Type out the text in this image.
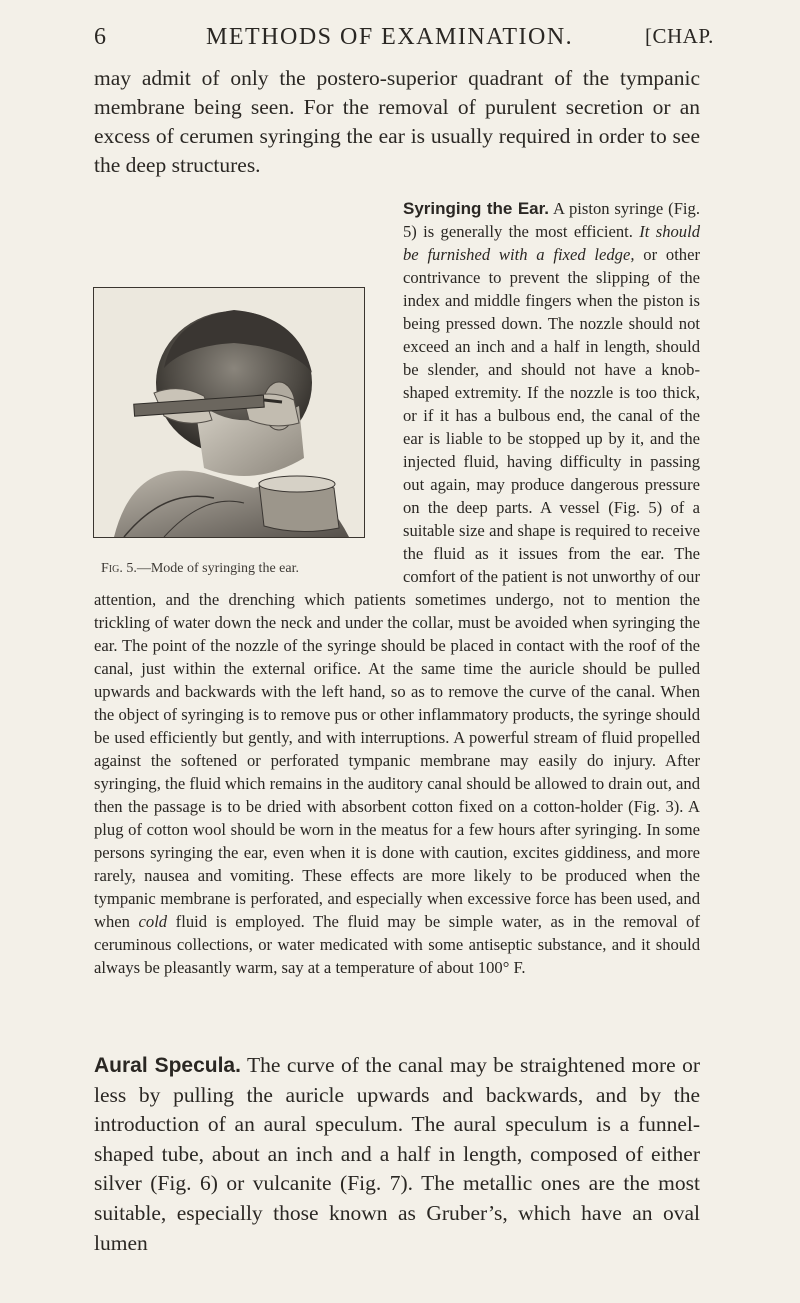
6	METHODS OF EXAMINATION.	[CHAP.

may admit of only the postero-superior quadrant of the tympanic membrane being seen. For the removal of purulent secretion or an excess of cerumen syringing the ear is usually required in order to see the deep structures.

Fig. 5.—Mode of syringing the ear.
Syringing the Ear. A piston syringe (Fig. 5) is generally the most efficient. It should be furnished with a fixed ledge, or other contrivance to prevent the slipping of the index and middle fingers when the piston is being pressed down. The nozzle should not exceed an inch and a half in length, should be slender, and should not have a knob-shaped extremity. If the nozzle is too thick, or if it has a bulbous end, the canal of the ear is liable to be stopped up by it, and the injected fluid, having difficulty in passing out again, may produce dangerous pressure on the deep parts. A vessel (Fig. 5) of a suitable size and shape is required to receive the fluid as it issues from the ear. The comfort of the patient is not unworthy of our attention, and the drenching which patients sometimes undergo, not to mention the trickling of water down the neck and under the collar, must be avoided when syringing the ear. The point of the nozzle of the syringe should be placed in contact with the roof of the canal, just within the external orifice. At the same time the auricle should be pulled upwards and backwards with the left hand, so as to remove the curve of the canal. When the object of syringing is to remove pus or other inflammatory products, the syringe should be used efficiently but gently, and with interruptions. A powerful stream of fluid propelled against the softened or perforated tympanic membrane may easily do injury. After syringing, the fluid which remains in the auditory canal should be allowed to drain out, and then the passage is to be dried with absorbent cotton fixed on a cotton-holder (Fig. 3). A plug of cotton wool should be worn in the meatus for a few hours after syringing. In some persons syringing the ear, even when it is done with caution, excites giddiness, and more rarely, nausea and vomiting. These effects are more likely to be produced when the tympanic membrane is perforated, and especially when excessive force has been used, and when cold fluid is employed. The fluid may be simple water, as in the removal of ceruminous collections, or water medicated with some antiseptic substance, and it should always be pleasantly warm, say at a temperature of about 100° F.

Aural Specula. The curve of the canal may be straightened more or less by pulling the auricle upwards and backwards, and by the introduction of an aural speculum. The aural speculum is a funnel-shaped tube, about an inch and a half in length, composed of either silver (Fig. 6) or vulcanite (Fig. 7). The metallic ones are the most suitable, especially those known as Gruber’s, which have an oval lumen
